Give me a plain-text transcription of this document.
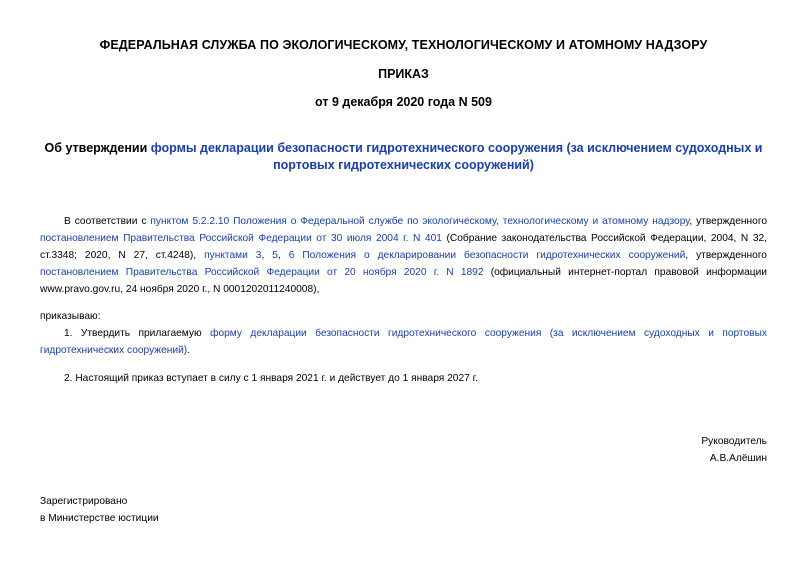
ФЕДЕРАЛЬНАЯ СЛУЖБА ПО ЭКОЛОГИЧЕСКОМУ, ТЕХНОЛОГИЧЕСКОМУ И АТОМНОМУ НАДЗОРУ
ПРИКАЗ
от 9 декабря 2020 года N 509
Об утверждении формы декларации безопасности гидротехнического сооружения (за исключением судоходных и портовых гидротехнических сооружений)
В соответствии с пунктом 5.2.2.10 Положения о Федеральной службе по экологическому, технологическому и атомному надзору, утвержденного постановлением Правительства Российской Федерации от 30 июля 2004 г. N 401 (Собрание законодательства Российской Федерации, 2004, N 32, ст.3348; 2020, N 27, ст.4248), пунктами 3, 5, 6 Положения о декларировании безопасности гидротехнических сооружений, утвержденного постановлением Правительства Российской Федерации от 20 ноября 2020 г. N 1892 (официальный интернет-портал правовой информации www.pravo.gov.ru, 24 ноября 2020 г., N 0001202011240008),
приказываю:
1. Утвердить прилагаемую форму декларации безопасности гидротехнического сооружения (за исключением судоходных и портовых гидротехнических сооружений).
2. Настоящий приказ вступает в силу с 1 января 2021 г. и действует до 1 января 2027 г.
Руководитель
А.В.Алёшин
Зарегистрировано
в Министерстве юстиции
